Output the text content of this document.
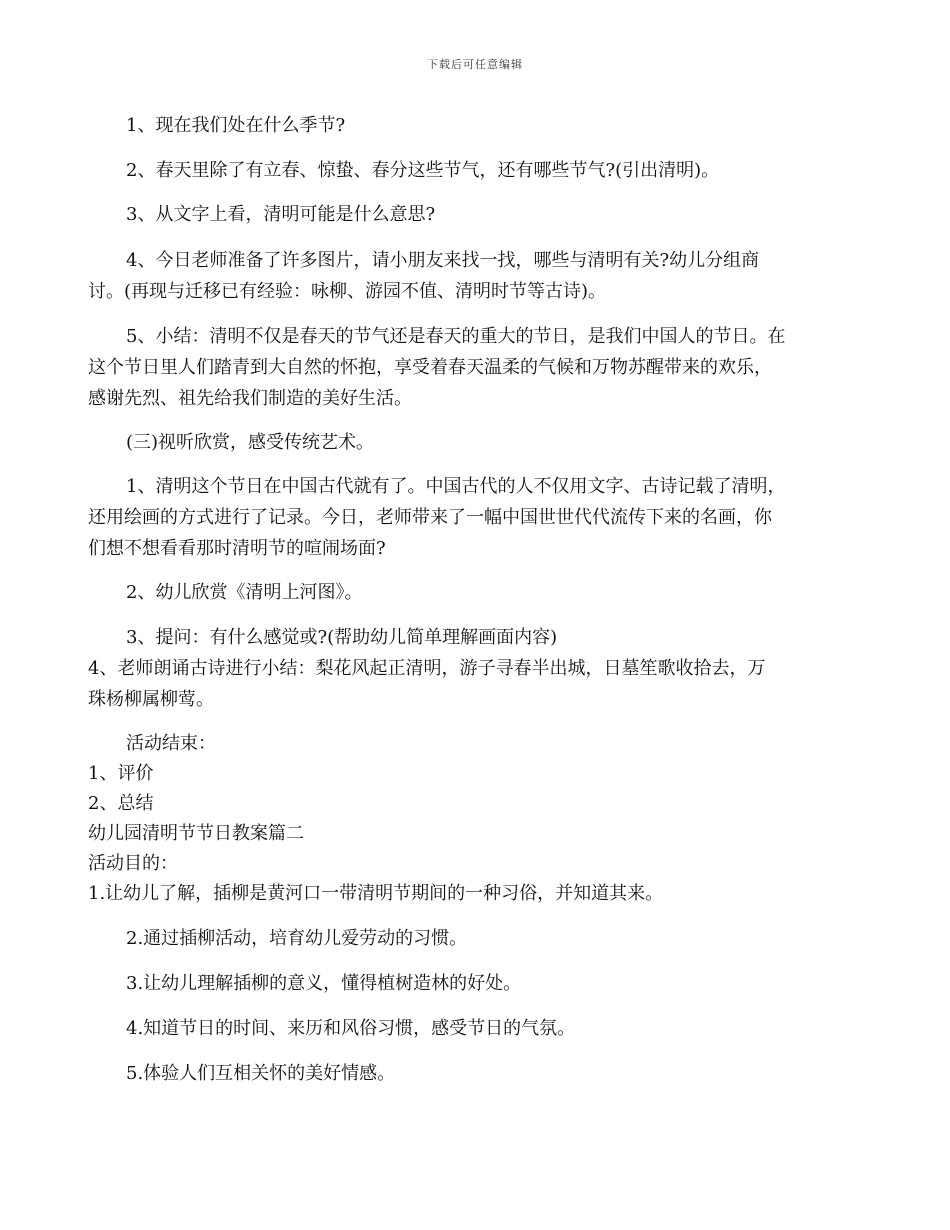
下载后可任意编辑

1、现在我们处在什么季节?

2、春天里除了有立春、惊蛰、春分这些节气，还有哪些节气?(引出清明)。

3、从文字上看，清明可能是什么意思?

4、今日老师准备了许多图片，请小朋友来找一找，哪些与清明有关?幼儿分组商

讨。(再现与迁移已有经验：咏柳、游园不值、清明时节等古诗)。

5、小结：清明不仅是春天的节气还是春天的重大的节日，是我们中国人的节日。在

这个节日里人们踏青到大自然的怀抱，享受着春天温柔的气候和万物苏醒带来的欢乐，

感谢先烈、祖先给我们制造的美好生活。

(三)视听欣赏，感受传统艺术。

1、清明这个节日在中国古代就有了。中国古代的人不仅用文字、古诗记载了清明，

还用绘画的方式进行了记录。今日，老师带来了一幅中国世世代代流传下来的名画，你

们想不想看看那时清明节的喧闹场面?

2、幼儿欣赏《清明上河图》。

3、提问：有什么感觉或?(帮助幼儿简单理解画面内容)

4、老师朗诵古诗进行小结：梨花风起正清明，游子寻春半出城，日墓笙歌收拾去，万

珠杨柳属柳莺。

活动结束：

1、评价

2、总结

幼儿园清明节节日教案篇二

活动目的：

1.让幼儿了解，插柳是黄河口一带清明节期间的一种习俗，并知道其来。

2.通过插柳活动，培育幼儿爱劳动的习惯。

3.让幼儿理解插柳的意义，懂得植树造林的好处。

4.知道节日的时间、来历和风俗习惯，感受节日的气氛。

5.体验人们互相关怀的美好情感。
